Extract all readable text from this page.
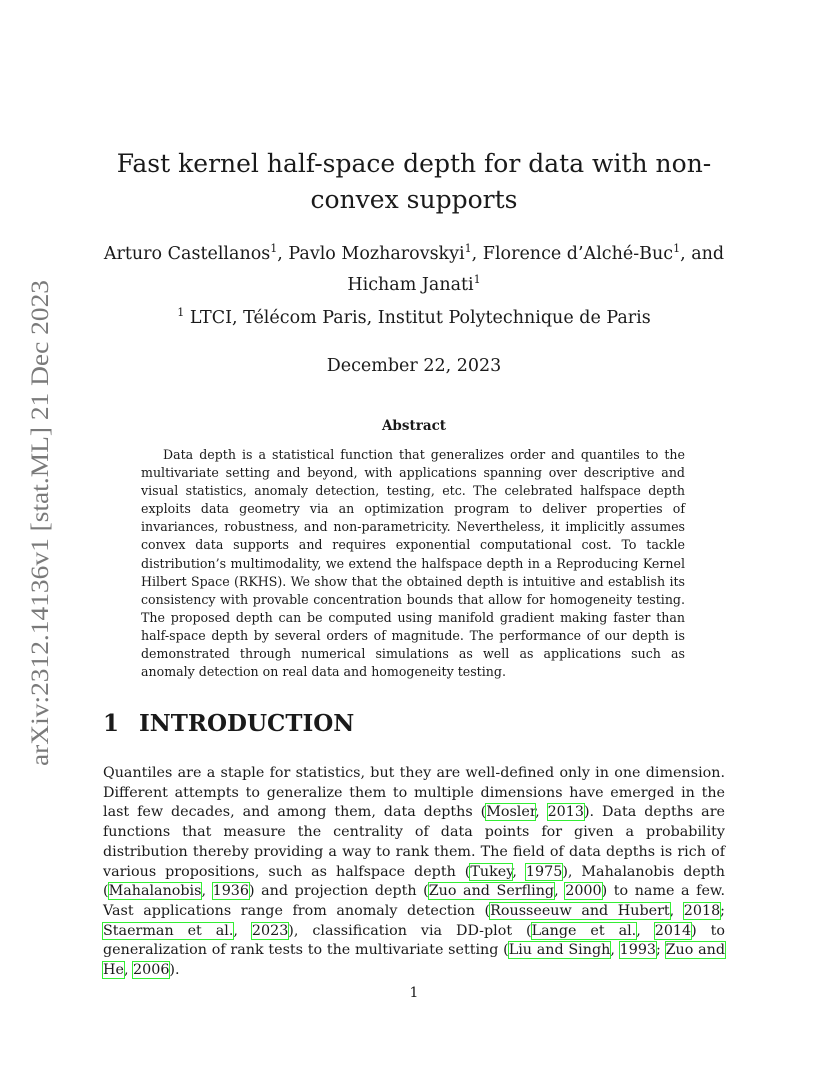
arXiv:2312.14136v1 [stat.ML] 21 Dec 2023
Fast kernel half-space depth for data with non-convex supports
Arturo Castellanos$^1$, Pavlo Mozharovskyi$^1$, Florence d’Alché-Buc$^1$, and Hicham Janati$^1$
$^1$ LTCI, Télécom Paris, Institut Polytechnique de Paris
December 22, 2023
Abstract
Data depth is a statistical function that generalizes order and quantiles to the multivariate setting and beyond, with applications spanning over descriptive and visual statistics, anomaly detection, testing, etc. The celebrated halfspace depth exploits data geometry via an optimization program to deliver properties of invariances, robustness, and non-parametricity. Nevertheless, it implicitly assumes convex data supports and requires exponential computational cost. To tackle distribution’s multimodality, we extend the halfspace depth in a Reproducing Kernel Hilbert Space (RKHS). We show that the obtained depth is intuitive and establish its consistency with provable concentration bounds that allow for homogeneity testing. The proposed depth can be computed using manifold gradient making faster than half-space depth by several orders of magnitude. The performance of our depth is demonstrated through numerical simulations as well as applications such as anomaly detection on real data and homogeneity testing.
1 INTRODUCTION
Quantiles are a staple for statistics, but they are well-defined only in one dimension. Different attempts to generalize them to multiple dimensions have emerged in the last few decades, and among them, data depths (Mosler, 2013). Data depths are functions that measure the centrality of data points for given a probability distribution thereby providing a way to rank them. The field of data depths is rich of various propositions, such as halfspace depth (Tukey, 1975), Mahalanobis depth (Mahalanobis, 1936) and projection depth (Zuo and Serfling, 2000) to name a few. Vast applications range from anomaly detection (Rousseeuw and Hubert, 2018; Staerman et al., 2023), classification via DD-plot (Lange et al., 2014) to generalization of rank tests to the multivariate setting (Liu and Singh, 1993; Zuo and He, 2006).
1
